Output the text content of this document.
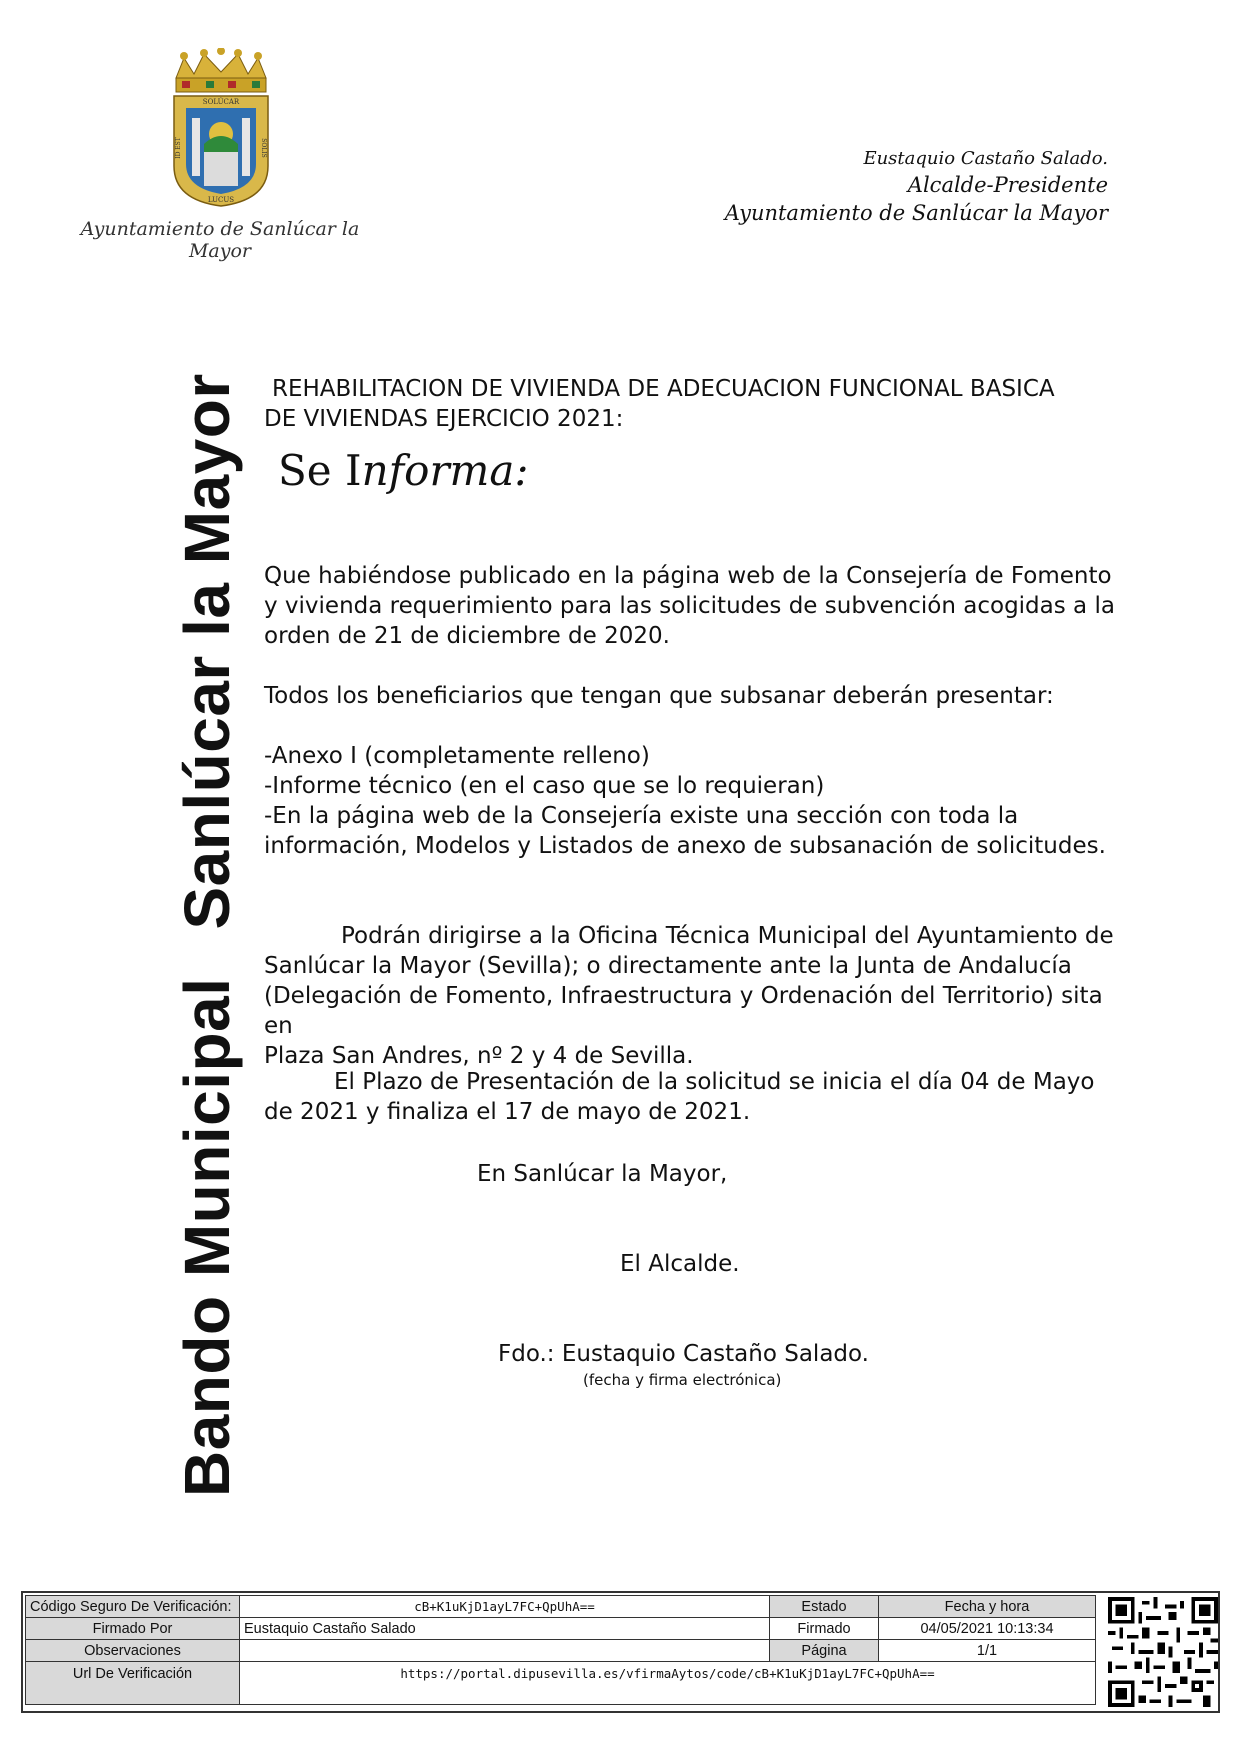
SOLÚCAR
LUCUS
ID EST	SOLIS
Ayuntamiento de Sanlúcar la Mayor
Eustaquio Castaño Salado.
Alcalde-Presidente
Ayuntamiento de Sanlúcar la Mayor
Bando MunicipalSanlúcar la Mayor	REHABILITACION DE VIVIENDA DE ADECUACION FUNCIONAL BASICA
DE VIVIENDAS EJERCICIO 2021:
Se Informa:
Que habiéndose publicado en la página web de la Consejería de Fomento
y vivienda requerimiento para las solicitudes de subvención acogidas a la
orden de 21 de diciembre de 2020.
Todos los beneficiarios que tengan que subsanar deberán presentar:
-Anexo I (completamente relleno)
-Informe técnico (en el caso que se lo requieran)
-En la página web de la Consejería existe una sección con toda la
información, Modelos y Listados de anexo de subsanación de solicitudes.
Podrán dirigirse a la Oficina Técnica Municipal del Ayuntamiento de
Sanlúcar la Mayor (Sevilla); o directamente ante la Junta de Andalucía
(Delegación de Fomento, Infraestructura y Ordenación del Territorio) sita en
Plaza San Andres, nº 2 y 4 de Sevilla.
El Plazo de Presentación de la solicitud se inicia el día 04 de Mayo
de 2021 y finaliza el 17 de mayo de 2021.
En Sanlúcar la Mayor,
El Alcalde.
Fdo.: Eustaquio Castaño Salado.
(fecha y firma electrónica)
Código Seguro De Verificación:	cB+K1uKjD1ayL7FC+QpUhA==	Estado	Fecha y hora
Firmado Por	Eustaquio Castaño Salado	Firmado	04/05/2021 10:13:34
Observaciones		Página	1/1
Url De Verificación	https://portal.dipusevilla.es/vfirmaAytos/code/cB+K1uKjD1ayL7FC+QpUhA==		
